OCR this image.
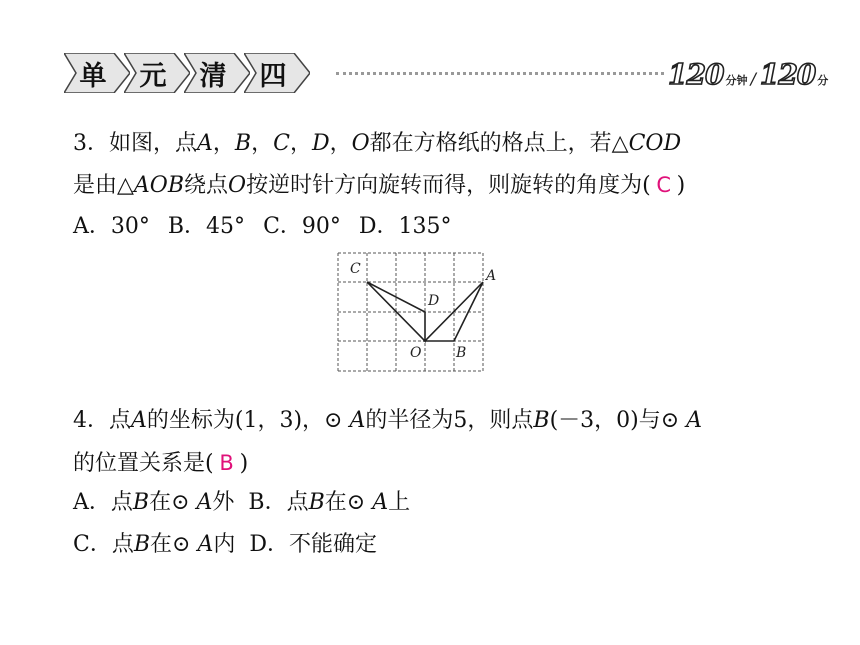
单 元 清 四	120 分钟 / 120 分
3．如图，点A，B，C，D，O都在方格纸的格点上，若△COD
是由△AOB绕点O按逆时针方向旋转而得，则旋转的角度为( C )
A．30° B．45° C．90° D．135°
C
D
A
O B
4．点A的坐标为(1，3)，⊙ A的半径为5，则点B(－3，0)与⊙ A
的位置关系是( B )
A．点B在⊙ A外 B．点B在⊙ A上
C．点B在⊙ A内 D．不能确定
